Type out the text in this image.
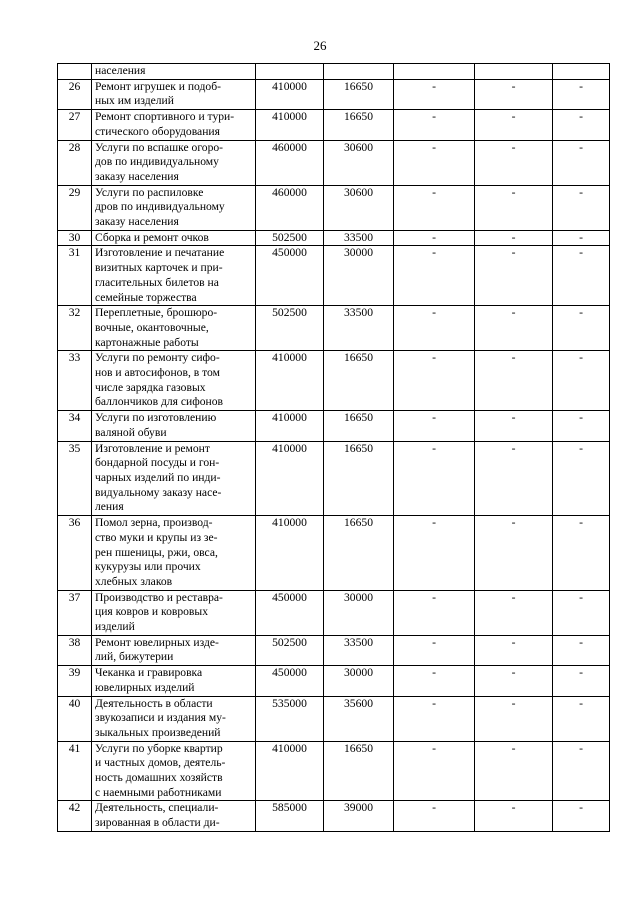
26
	населения					
26	Ремонт игрушек и подоб-
ных им изделий	410000	16650	-	-	-
27	Ремонт спортивного и тури-
стического оборудования	410000	16650	-	-	-
28	Услуги по вспашке огоро-
дов по индивидуальному
заказу населения	460000	30600	-	-	-
29	Услуги по распиловке
дров по индивидуальному
заказу населения	460000	30600	-	-	-
30	Сборка и ремонт очков	502500	33500	-	-	-
31	Изготовление и печатание
визитных карточек и при-
гласительных билетов на
семейные торжества	450000	30000	-	-	-
32	Переплетные, брошюро-
вочные, окантовочные,
картонажные работы	502500	33500	-	-	-
33	Услуги по ремонту сифо-
нов и автосифонов, в том
числе зарядка газовых
баллончиков для сифонов	410000	16650	-	-	-
34	Услуги по изготовлению
валяной обуви	410000	16650	-	-	-
35	Изготовление и ремонт
бондарной посуды и гон-
чарных изделий по инди-
видуальному заказу насе-
ления	410000	16650	-	-	-
36	Помол зерна, производ-
ство муки и крупы из зе-
рен пшеницы, ржи, овса,
кукурузы или прочих
хлебных злаков	410000	16650	-	-	-
37	Производство и реставра-
ция ковров и ковровых
изделий	450000	30000	-	-	-
38	Ремонт ювелирных изде-
лий, бижутерии	502500	33500	-	-	-
39	Чеканка и гравировка
ювелирных изделий	450000	30000	-	-	-
40	Деятельность в области
звукозаписи и издания му-
зыкальных произведений	535000	35600	-	-	-
41	Услуги по уборке квартир
и частных домов, деятель-
ность домашних хозяйств
с наемными работниками	410000	16650	-	-	-
42	Деятельность, специали-
зированная в области ди-	585000	39000	-	-	-
